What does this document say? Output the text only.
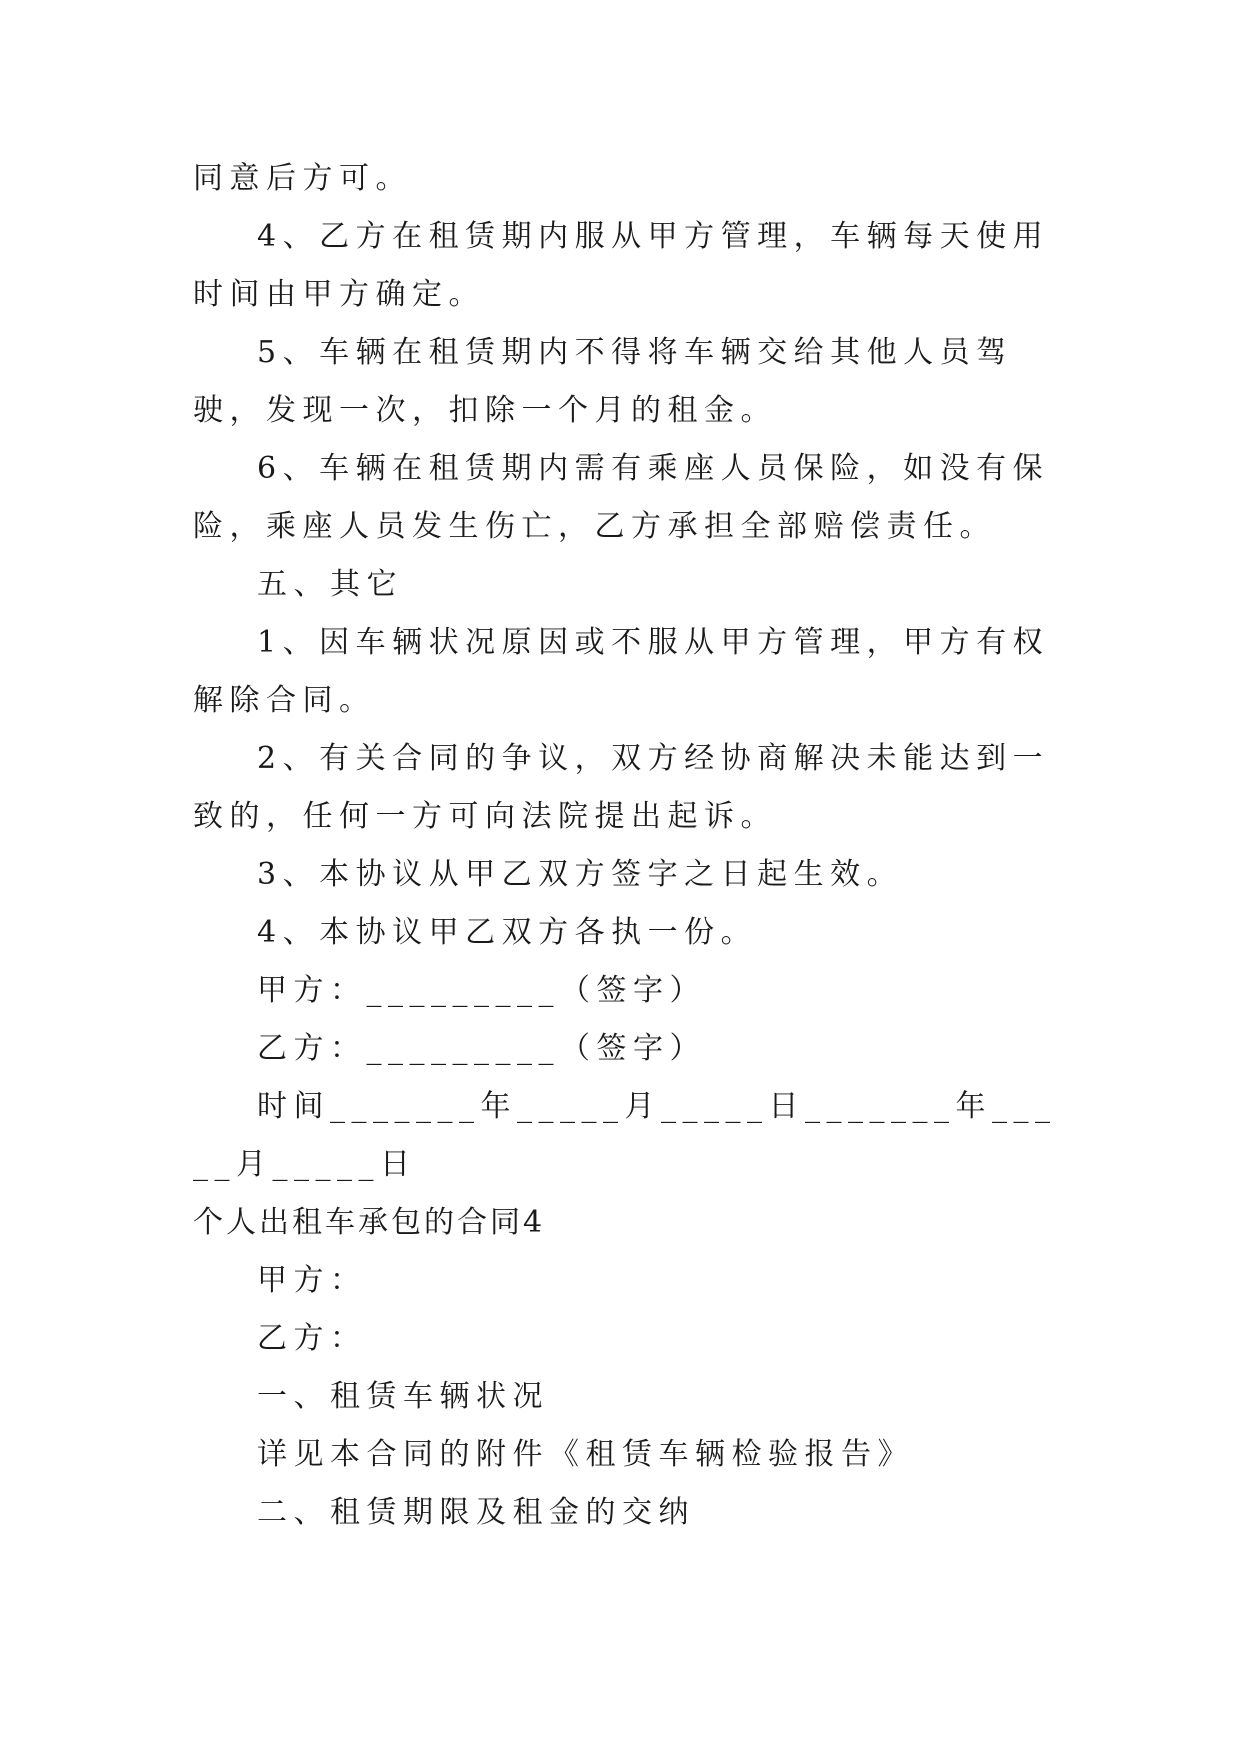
同意后方可。

4、乙方在租赁期内服从甲方管理，车辆每天使用时间由甲方确定。

5、车辆在租赁期内不得将车辆交给其他人员驾驶，发现一次，扣除一个月的租金。

6、车辆在租赁期内需有乘座人员保险，如没有保险，乘座人员发生伤亡，乙方承担全部赔偿责任。

五、其它

1、因车辆状况原因或不服从甲方管理，甲方有权解除合同。

2、有关合同的争议，双方经协商解决未能达到一致的，任何一方可向法院提出起诉。

3、本协议从甲乙双方签字之日起生效。

4、本协议甲乙双方各执一份。

甲方：_________（签字）

乙方：_________（签字）

时间_______年_____月_____日_______年_____月_____日

个人出租车承包的合同4

甲方：

乙方：

一、租赁车辆状况

详见本合同的附件《租赁车辆检验报告》

二、租赁期限及租金的交纳
